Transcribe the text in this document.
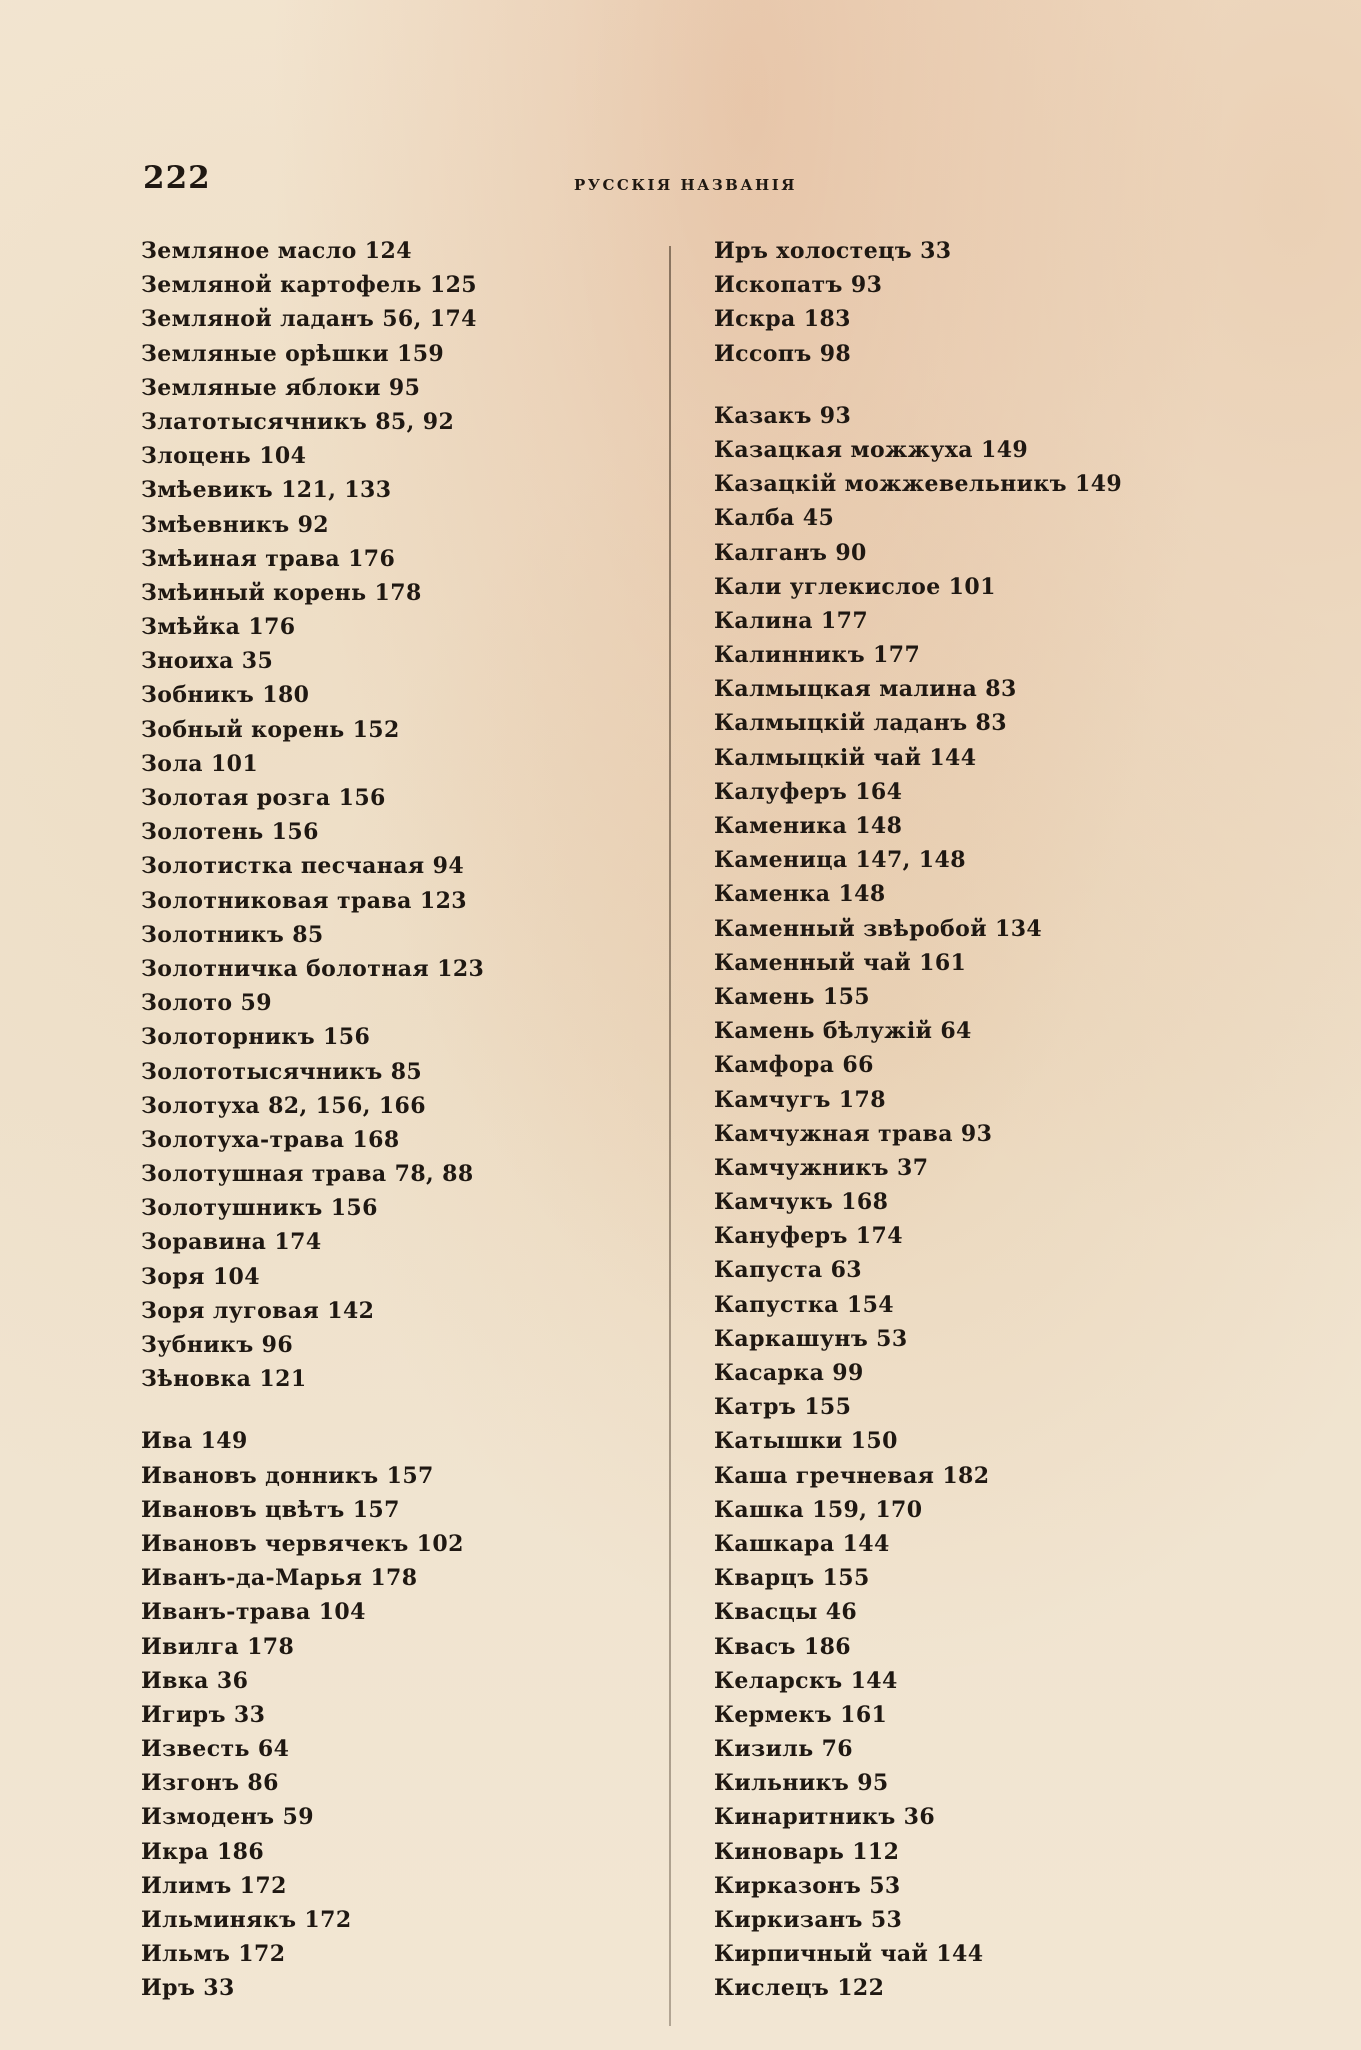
222	РУССКІЯ НАЗВАНІЯ
Земляное масло 124
Земляной картофель 125
Земляной ладанъ 56, 174
Земляные орѣшки 159
Земляные яблоки 95
Златотысячникъ 85, 92
Злоцень 104
Змѣевикъ 121, 133
Змѣевникъ 92
Змѣиная трава 176
Змѣиный корень 178
Змѣйка 176
Зноиха 35
Зобникъ 180
Зобный корень 152
Зола 101
Золотая розга 156
Золотень 156
Золотистка песчаная 94
Золотниковая трава 123
Золотникъ 85
Золотничка болотная 123
Золото 59
Золоторникъ 156
Золототысячникъ 85
Золотуха 82, 156, 166
Золотуха-трава 168
Золотушная трава 78, 88
Золотушникъ 156
Зоравина 174
Зоря 104
Зоря луговая 142
Зубникъ 96
Зѣновка 121
Ива 149
Ивановъ донникъ 157
Ивановъ цвѣтъ 157
Ивановъ червячекъ 102
Иванъ-да-Марья 178
Иванъ-трава 104
Ивилга 178
Ивка 36
Игиръ 33
Известь 64
Изгонъ 86
Измоденъ 59
Икра 186
Илимъ 172
Ильминякъ 172
Ильмъ 172
Иръ 33
Иръ холостецъ 33
Ископатъ 93
Искра 183
Иссопъ 98
Казакъ 93
Казацкая можжуха 149
Казацкій можжевельникъ 149
Калба 45
Калганъ 90
Кали углекислое 101
Калина 177
Калинникъ 177
Калмыцкая малина 83
Калмыцкій ладанъ 83
Калмыцкій чай 144
Калуферъ 164
Каменика 148
Каменица 147, 148
Каменка 148
Каменный звѣробой 134
Каменный чай 161
Камень 155
Камень бѣлужій 64
Камфора 66
Камчугъ 178
Камчужная трава 93
Камчужникъ 37
Камчукъ 168
Кануферъ 174
Капуста 63
Капустка 154
Каркашунъ 53
Касарка 99
Катръ 155
Катышки 150
Каша гречневая 182
Кашка 159, 170
Кашкара 144
Кварцъ 155
Квасцы 46
Квасъ 186
Келарскъ 144
Кермекъ 161
Кизиль 76
Кильникъ 95
Кинаритникъ 36
Киноварь 112
Кирказонъ 53
Киркизанъ 53
Кирпичный чай 144
Кислецъ 122
